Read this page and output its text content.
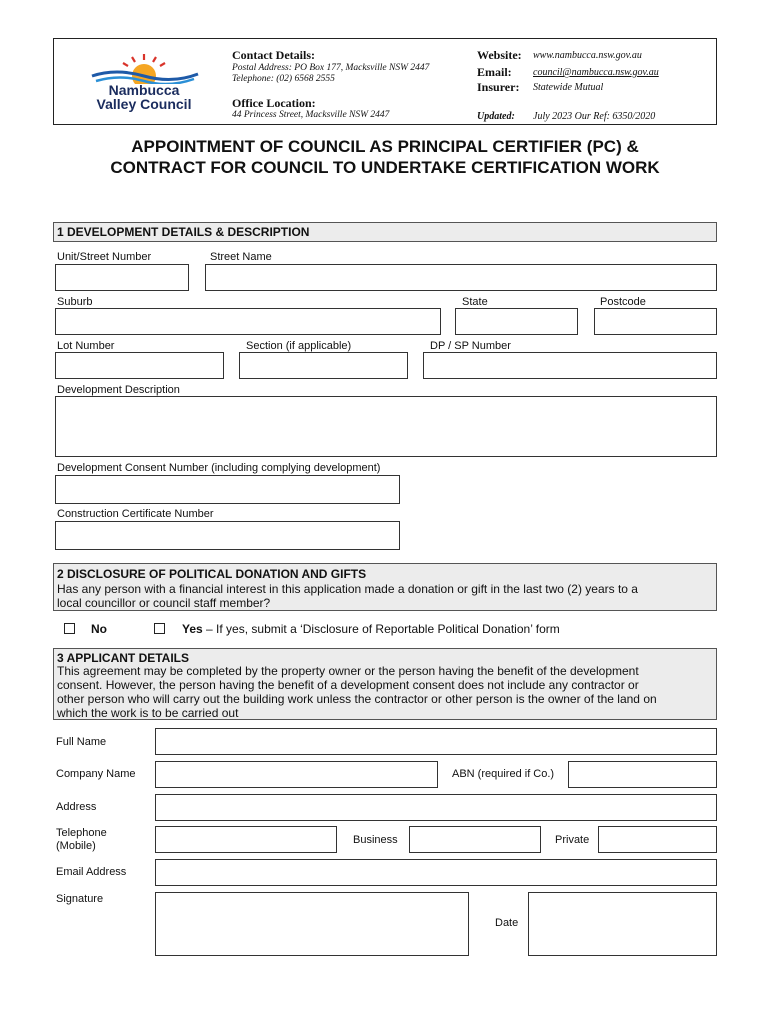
Nambucca
Valley Council
Contact Details:
Postal Address: PO Box 177, Macksville NSW 2447
Telephone: (02) 6568 2555
Office Location:
44 Princess Street, Macksville NSW 2447
Website: www.nambucca.nsw.gov.au
Email: council@nambucca.nsw.gov.au
Insurer: Statewide Mutual
Updated: July 2023 Our Ref: 6350/2020
APPOINTMENT OF COUNCIL AS PRINCIPAL CERTIFIER (PC) &
CONTRACT FOR COUNCIL TO UNDERTAKE CERTIFICATION WORK
1 DEVELOPMENT DETAILS & DESCRIPTION
Unit/Street Number	Street Name
Suburb	State	Postcode
Lot Number	Section (if applicable)	DP / SP Number
Development Description
Development Consent Number (including complying development)
Construction Certificate Number
2 DISCLOSURE OF POLITICAL DONATION AND GIFTS
Has any person with a financial interest in this application made a donation or gift in the last two (2) years to a
local councillor or council staff member?
No	Yes – If yes, submit a ‘Disclosure of Reportable Political Donation’ form
3 APPLICANT DETAILS
This agreement may be completed by the property owner or the person having the benefit of the development
consent. However, the person having the benefit of a development consent does not include any contractor or
other person who will carry out the building work unless the contractor or other person is the owner of the land on
which the work is to be carried out
Full Name
Company Name	ABN (required if Co.)
Address
Telephone
(Mobile)	Business	Private
Email Address
Signature
Date
